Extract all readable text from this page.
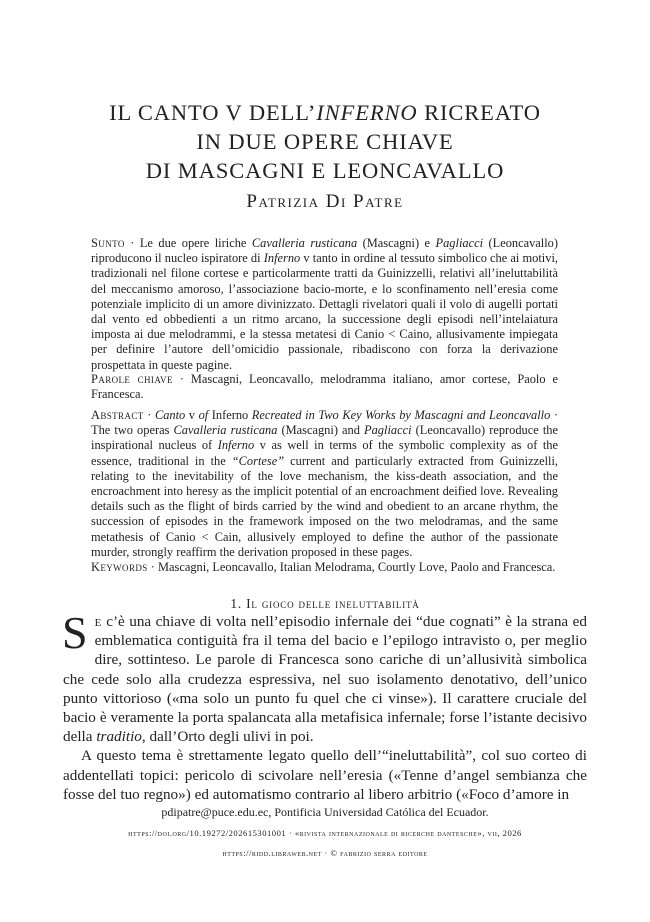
IL CANTO V DELL’INFERNO RICREATO
IN DUE OPERE CHIAVE
DI MASCAGNI E LEONCAVALLO
Patrizia Di Patre
Sunto · Le due opere liriche Cavalleria rusticana (Mascagni) e Pagliacci (Leoncavallo) riproducono il nucleo ispiratore di Inferno v tanto in ordine al tessuto simbolico che ai motivi, tradizionali nel filone cortese e particolarmente tratti da Guinizzelli, relativi all’ineluttabilità del meccanismo amoroso, l’associazione bacio-morte, e lo sconfinamento nell’eresia come potenziale implicito di un amore divinizzato. Dettagli rivelatori quali il volo di augelli portati dal vento ed obbedienti a un ritmo arcano, la successione degli episodi nell’intelaiatura imposta ai due melodrammi, e la stessa metatesi di Canio < Caino, allusivamente impiegata per definire l’autore dell’omicidio passionale, ribadiscono con forza la derivazione prospettata in queste pagine.
Parole chiave · Mascagni, Leoncavallo, melodramma italiano, amor cortese, Paolo e Francesca.
Abstract · Canto v of Inferno Recreated in Two Key Works by Mascagni and Leoncavallo · The two operas Cavalleria rusticana (Mascagni) and Pagliacci (Leoncavallo) reproduce the inspirational nucleus of Inferno v as well in terms of the symbolic complexity as of the essence, traditional in the “Cortese” current and particularly extracted from Guinizzelli, relating to the inevitability of the love mechanism, the kiss-death association, and the encroachment into heresy as the implicit potential of an encroachment deified love. Revealing details such as the flight of birds carried by the wind and obedient to an arcane rhythm, the succession of episodes in the framework imposed on the two melodramas, and the same metathesis of Canio < Cain, allusively employed to define the author of the passionate murder, strongly reaffirm the derivation proposed in these pages.
Keywords · Mascagni, Leoncavallo, Italian Melodrama, Courtly Love, Paolo and Francesca.
1. Il gioco delle ineluttabilità

Se c’è una chiave di volta nell’episodio infernale dei “due cognati” è la strana ed emblematica contiguità fra il tema del bacio e l’epilogo intravisto o, per meglio dire, sottinteso. Le parole di Francesca sono cariche di un’allusività simbolica che cede solo alla crudezza espressiva, nel suo isolamento denotativo, dell’unico punto vittorioso («ma solo un punto fu quel che ci vinse»). Il carattere cruciale del bacio è veramente la porta spalancata alla metafisica infernale; forse l’istante decisivo della traditio, dall’Orto degli ulivi in poi.

A questo tema è strettamente legato quello dell’“ineluttabilità”, col suo corteo di addentellati topici: pericolo di scivolare nell’eresia («Tenne d’angel sembianza che fosse del tuo regno») ed automatismo contrario al libero arbitrio («Foco d’amore in

pdipatre@puce.edu.ec, Pontificia Universidad Católica del Ecuador.
https://doi.org/10.19272/202615301001 · «rivista internazionale di ricerche dantesche», vii, 2026
https://ridd.libraweb.net · © fabrizio serra editore
